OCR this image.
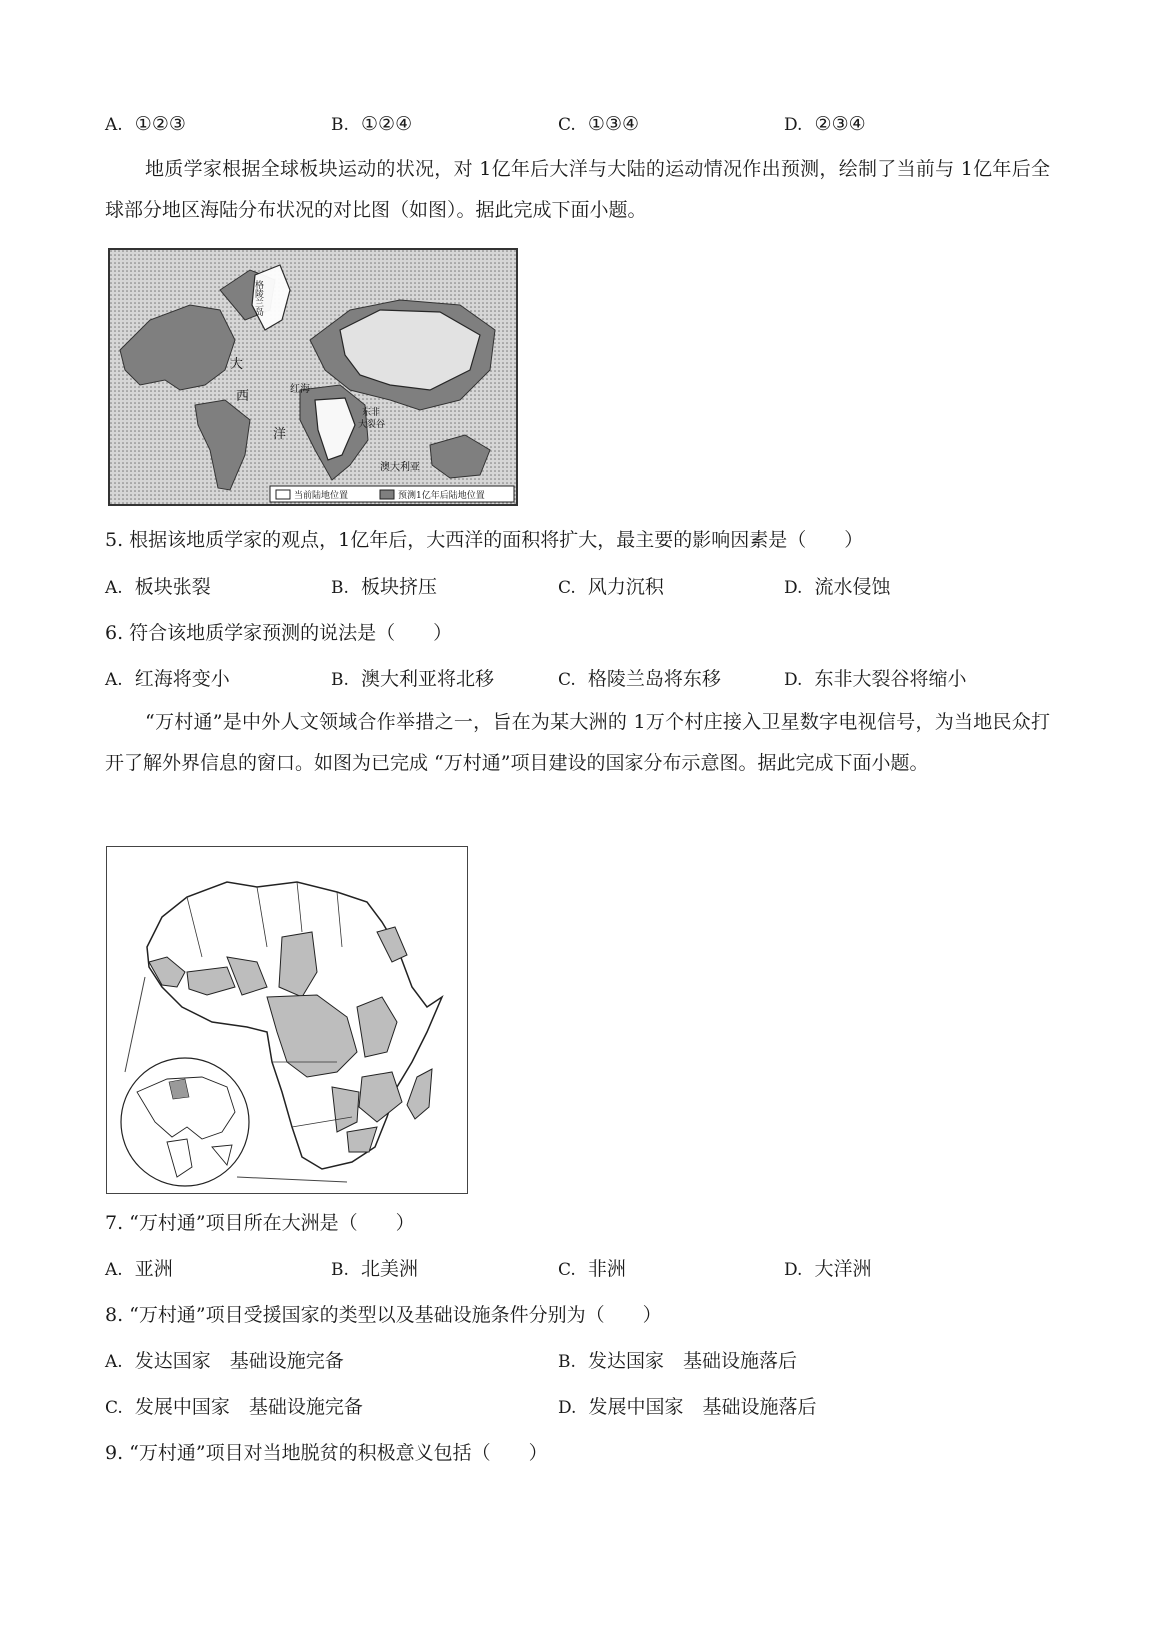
A. ①②③	B. ①②④	C. ①③④	D. ②③④
地质学家根据全球板块运动的状况，对 1亿年后大洋与大陆的运动情况作出预测，绘制了当前与 1亿年后全球部分地区海陆分布状况的对比图（如图）。据此完成下面小题。
格陵兰岛
大
西
洋
红海
东非
大裂谷
澳大利亚
当前陆地位置	预测1亿年后陆地位置
5. 根据该地质学家的观点，1亿年后，大西洋的面积将扩大，最主要的影响因素是（　　）
A. 板块张裂	B. 板块挤压	C. 风力沉积	D. 流水侵蚀
6. 符合该地质学家预测的说法是（　　）
A. 红海将变小	B. 澳大利亚将北移	C. 格陵兰岛将东移	D. 东非大裂谷将缩小
“万村通”是中外人文领域合作举措之一，旨在为某大洲的 1万个村庄接入卫星数字电视信号，为当地民众打开了解外界信息的窗口。如图为已完成 “万村通”项目建设的国家分布示意图。据此完成下面小题。
7. “万村通”项目所在大洲是（　　）
A. 亚洲	B. 北美洲	C. 非洲	D. 大洋洲
8. “万村通”项目受援国家的类型以及基础设施条件分别为（　　）
A. 发达国家　基础设施完备	B. 发达国家　基础设施落后
C. 发展中国家　基础设施完备	D. 发展中国家　基础设施落后
9. “万村通”项目对当地脱贫的积极意义包括（　　）
